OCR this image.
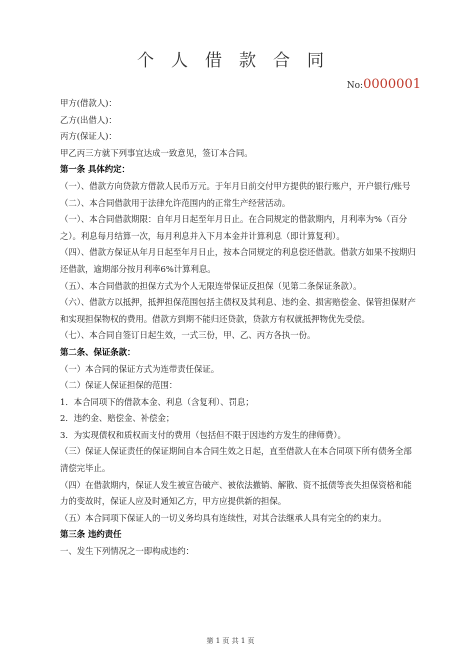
个人借款合同
No:0000001

甲方(借款人)：

乙方(出借人)：

丙方(保证人)：

甲乙丙三方就下列事宜达成一致意见，签订本合同。

第一条 具体约定：

（一）、借款方向贷款方借款人民币万元。于年月日前交付甲方提供的银行账户，开户银行/账号

（二）、本合同借款用于法律允许范围内的正常生产经营活动。

（一）、本合同借款期限：自年月日起至年月日止。在合同规定的借款期内，月利率为%（百分之）。利息每月结算一次，每月利息并入下月本金并计算利息（即计算复利）。

（四）、借款方保证从年月日起至年月日止，按本合同规定的利息偿还借款。借款方如果不按期归还借款，逾期部分按月利率6%计算利息。

（五）、本合同借款的担保方式为个人无限连带保证反担保（见第二条保证条款）。

（六）、借款方以抵押，抵押担保范围包括主债权及其利息、违约金、损害赔偿金、保管担保财产和实现担保物权的费用。借款方到期不能归还贷款，贷款方有权就抵押物优先受偿。

（七）、本合同自签订日起生效，一式三份，甲、乙、丙方各执一份。

第二条、保证条款：

（一）本合同的保证方式为连带责任保证。

（二）保证人保证担保的范围：

1．本合同项下的借款本金、利息（含复利）、罚息；

2．违约金、赔偿金、补偿金；

3．为实现债权和质权而支付的费用（包括但不限于因违约方发生的律师费）。

（三）保证人保证责任的保证期间自本合同生效之日起，直至借款人在本合同项下所有债务全部清偿完毕止。

（四）在借款期内，保证人发生被宣告破产、被依法撤销、解散、资不抵债等丧失担保资格和能力的变故时，保证人应及时通知乙方，甲方应提供新的担保。

（五）本合同项下保证人的一切义务均具有连续性，对其合法继承人具有完全的约束力。

第三条 违约责任

一、发生下列情况之一即构成违约：

第 1 页 共 1 页
